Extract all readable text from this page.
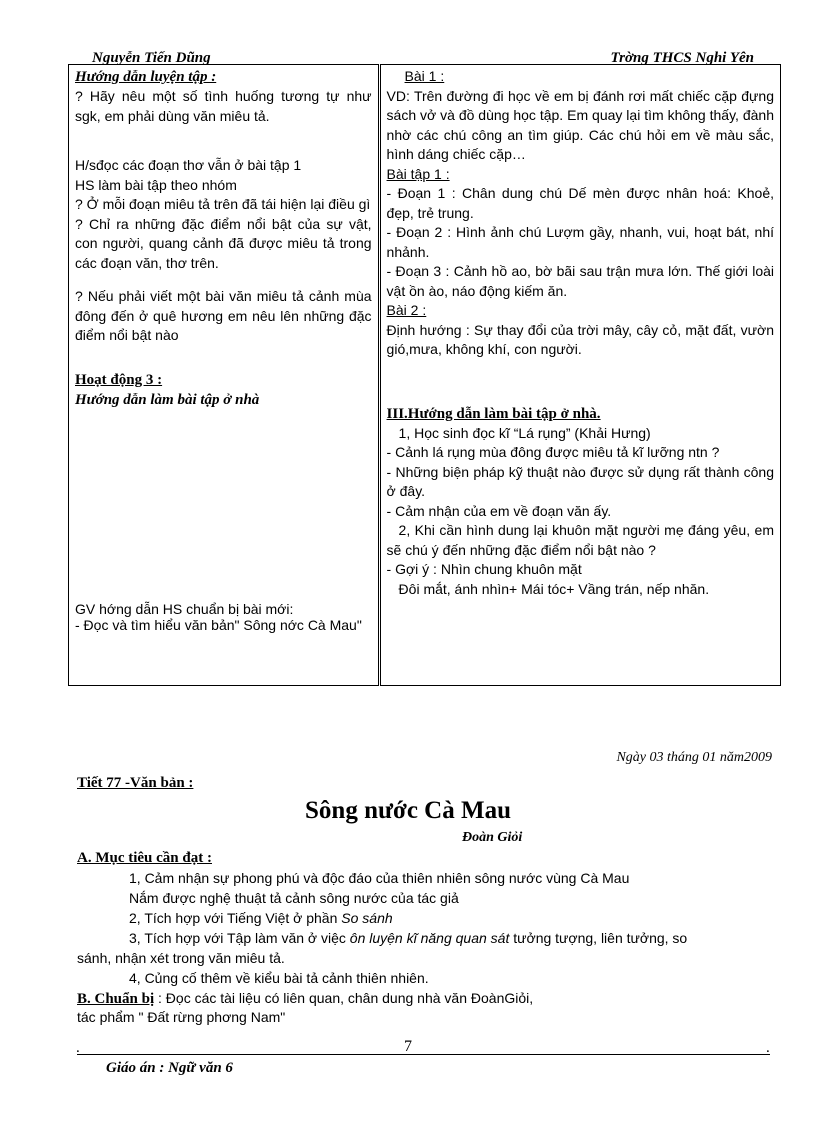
Nguyễn Tiến Dũng	Trờng THCS Nghi Yên
Hướng dẫn luyện tập :
? Hãy nêu một số tình huống tương tự như sgk, em phải dùng văn miêu tả.
H/sđọc các đoạn thơ vẫn ở bài tập 1
HS làm bài tập theo nhóm
? Ở mỗi đoạn miêu tả trên đã tái hiện lại điều gì
? Chỉ ra những đặc điểm nổi bật của sự vật, con người, quang cảnh đã được miêu tả trong các đoạn văn, thơ trên.
? Nếu phải viết một bài văn miêu tả cảnh mùa đông đến ở quê hương em nêu lên những đặc điểm nổi bật nào
Hoạt động 3 :
Hướng dẫn làm bài tập ở nhà
GV hớng dẫn HS chuẩn bị bài mới:
- Đọc và tìm hiểu văn bản" Sông nớc Cà Mau"

Bài 1 :
VD: Trên đường đi học về em bị đánh rơi mất chiếc cặp đựng sách vở và đồ dùng học tập. Em quay lại tìm không thấy, đành nhờ các chú công an tìm giúp. Các chú hỏi em về màu sắc, hình dáng chiếc cặp…
Bài tập 1 :
- Đoạn 1 : Chân dung chú Dế mèn được nhân hoá: Khoẻ, đẹp, trẻ trung.
- Đoạn 2 : Hình ảnh chú Lượm gầy, nhanh, vui, hoạt bát, nhí nhảnh.
- Đoạn 3 : Cảnh hồ ao, bờ bãi sau trận mưa lớn. Thế giới loài vật ồn ào, náo động kiếm ăn.
Bài 2 :
Định hướng : Sự thay đổi của trời mây, cây cỏ, mặt đất, vườn gió,mưa, không khí, con người.
III.Hướng dẫn làm bài tập ở nhà.
1, Học sinh đọc kĩ “Lá rụng” (Khải Hưng)
- Cảnh lá rụng mùa đông được miêu tả kĩ lưỡng ntn ?
- Những biện pháp kỹ thuật nào được sử dụng rất thành công ở đây.
- Cảm nhận của em về đoạn văn ấy.
2, Khi cần hình dung lại khuôn mặt người mẹ đáng yêu, em sẽ chú ý đến những đặc điểm nổi bật nào ?
- Gợi ý : Nhìn chung khuôn mặt
Đôi mắt, ánh nhìn+ Mái tóc+ Vầng trán, nếp nhăn.
Ngày 03 tháng 01 năm2009
Tiết 77 -Văn bản :
Sông nước Cà Mau
Đoàn Giỏi
A. Mục tiêu cần đạt :
1, Cảm nhận sự phong phú và độc đáo của thiên nhiên sông nước vùng Cà Mau
Nắm được nghệ thuật tả cảnh sông nước của tác giả
2, Tích hợp với Tiếng Việt ở phần So sánh
3, Tích hợp với Tập làm văn ở việc ôn luyện kĩ năng quan sát tưởng tượng, liên tưởng, so
sánh, nhận xét trong văn miêu tả.
4, Củng cố thêm về kiểu bài tả cảnh thiên nhiên.
B. Chuẩn bị : Đọc các tài liệu có liên quan, chân dung nhà văn ĐoànGiỏi,
tác phẩm " Đất rừng phơng Nam"
.	7	.
Giáo án : Ngữ văn 6
